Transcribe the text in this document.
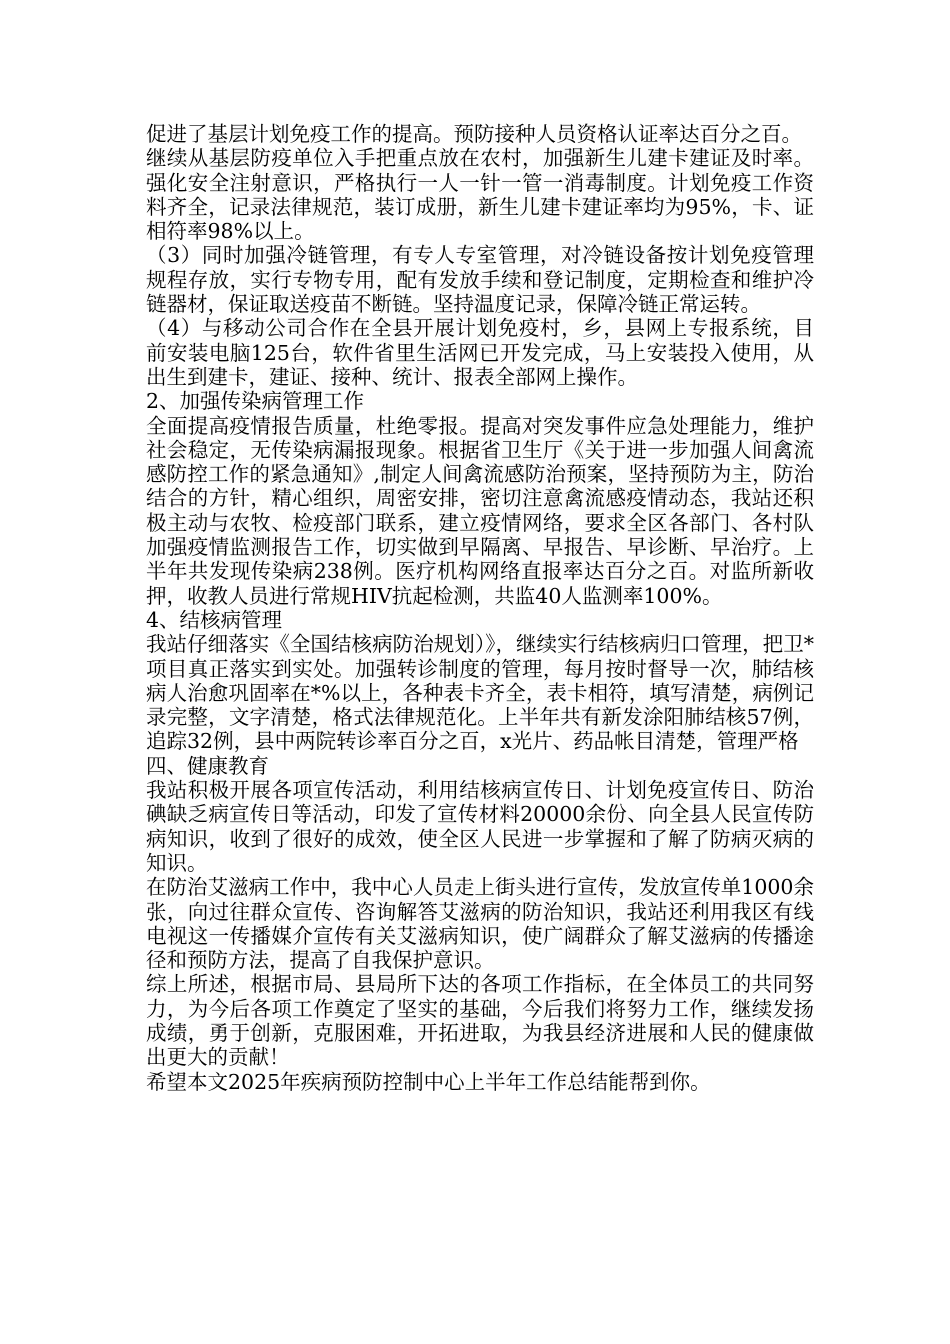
促进了基层计划免疫工作的提高。预防接种人员资格认证率达百分之百。

继续从基层防疫单位入手把重点放在农村，加强新生儿建卡建证及时率。强化安全注射意识，严格执行一人一针一管一消毒制度。计划免疫工作资料齐全，记录法律规范，装订成册，新生儿建卡建证率均为95%，卡、证相符率98%以上。

（3）同时加强冷链管理，有专人专室管理，对冷链设备按计划免疫管理规程存放，实行专物专用，配有发放手续和登记制度，定期检查和维护冷链器材，保证取送疫苗不断链。坚持温度记录，保障冷链正常运转。

（4）与移动公司合作在全县开展计划免疫村，乡，县网上专报系统，目前安装电脑125台，软件省里生活网已开发完成，马上安装投入使用，从出生到建卡，建证、接种、统计、报表全部网上操作。

2、加强传染病管理工作

全面提高疫情报告质量，杜绝零报。提高对突发事件应急处理能力，维护社会稳定，无传染病漏报现象。根据省卫生厅《关于进一步加强人间禽流感防控工作的紧急通知》,制定人间禽流感防治预案，坚持预防为主，防治结合的方针，精心组织，周密安排，密切注意禽流感疫情动态，我站还积极主动与农牧、检疫部门联系，建立疫情网络，要求全区各部门、各村队加强疫情监测报告工作，切实做到早隔离、早报告、早诊断、早治疗。上半年共发现传染病238例。医疗机构网络直报率达百分之百。对监所新收押，收教人员进行常规HIV抗起检测，共监40人监测率100%。

4、结核病管理

我站仔细落实《全国结核病防治规划）》，继续实行结核病归口管理，把卫*项目真正落实到实处。加强转诊制度的管理，每月按时督导一次，肺结核病人治愈巩固率在*%以上，各种表卡齐全，表卡相符，填写清楚，病例记录完整，文字清楚，格式法律规范化。上半年共有新发涂阳肺结核57例，追踪32例，县中两院转诊率百分之百，x光片、药品帐目清楚，管理严格

四、健康教育

我站积极开展各项宣传活动，利用结核病宣传日、计划免疫宣传日、防治碘缺乏病宣传日等活动，印发了宣传材料20000余份、向全县人民宣传防病知识，收到了很好的成效，使全区人民进一步掌握和了解了防病灭病的知识。

在防治艾滋病工作中，我中心人员走上街头进行宣传，发放宣传单1000余张，向过往群众宣传、咨询解答艾滋病的防治知识，我站还利用我区有线电视这一传播媒介宣传有关艾滋病知识，使广阔群众了解艾滋病的传播途径和预防方法，提高了自我保护意识。

综上所述，根据市局、县局所下达的各项工作指标，在全体员工的共同努力，为今后各项工作奠定了坚实的基础，今后我们将努力工作，继续发扬成绩，勇于创新，克服困难，开拓进取，为我县经济进展和人民的健康做出更大的贡献！

希望本文2025年疾病预防控制中心上半年工作总结能帮到你。
